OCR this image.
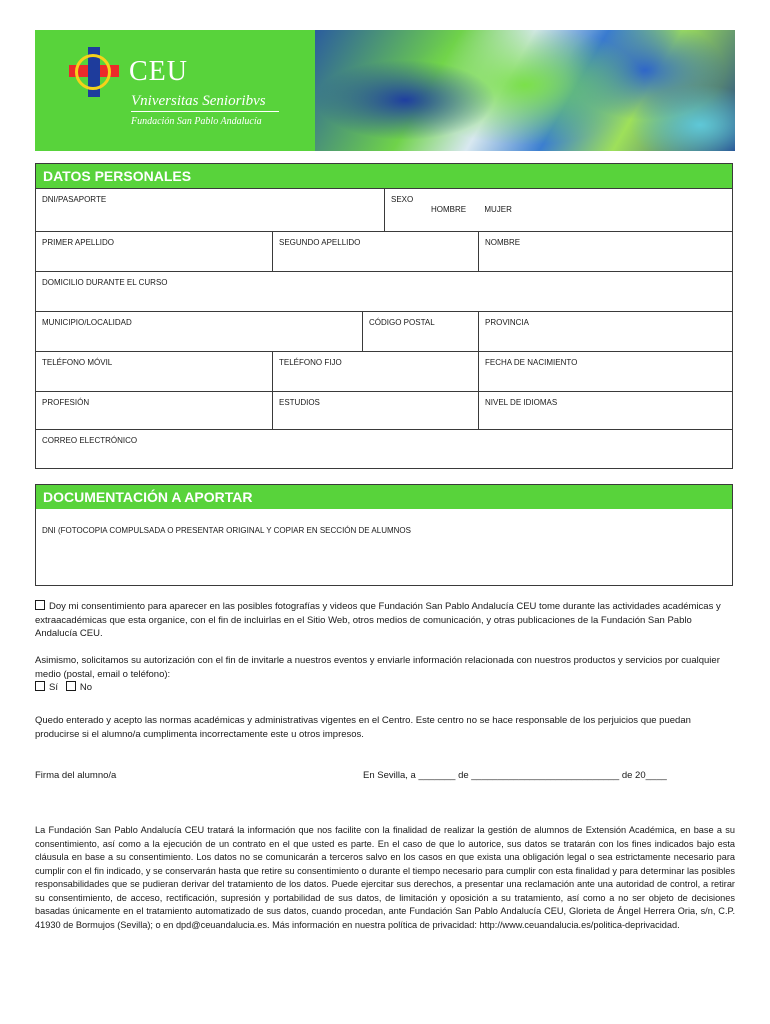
CEU
Vniversitas Senioribvs
Fundación San Pablo Andalucía
DATOS PERSONALES
DNI/PASAPORTE	SEXO
HOMBRE MUJER
PRIMER APELLIDO	SEGUNDO APELLIDO	NOMBRE
DOMICILIO DURANTE EL CURSO
MUNICIPIO/LOCALIDAD	CÓDIGO POSTAL	PROVINCIA
TELÉFONO MÓVIL	TELÉFONO FIJO	FECHA DE NACIMIENTO
PROFESIÓN	ESTUDIOS	NIVEL DE IDIOMAS
CORREO ELECTRÓNICO
DOCUMENTACIÓN A APORTAR
DNI (FOTOCOPIA COMPULSADA O PRESENTAR ORIGINAL Y COPIAR EN SECCIÓN DE ALUMNOS
Doy mi consentimiento para aparecer en las posibles fotografías y videos que Fundación San Pablo Andalucía CEU tome durante las actividades académicas y extraacadémicas que esta organice, con el fin de incluirlas en el Sitio Web, otros medios de comunicación, y otras publicaciones de la Fundación San Pablo Andalucía CEU.
Asimismo, solicitamos su autorización con el fin de invitarle a nuestros eventos y enviarle información relacionada con nuestros productos y servicios por cualquier medio (postal, email o teléfono):
Sí No
Quedo enterado y acepto las normas académicas y administrativas vigentes en el Centro. Este centro no se hace responsable de los perjuicios que puedan producirse si el alumno/a cumplimenta incorrectamente este u otros impresos.
Firma del alumno/a	En Sevilla, a _______ de ____________________________ de 20____
La Fundación San Pablo Andalucía CEU tratará la información que nos facilite con la finalidad de realizar la gestión de alumnos de Extensión Académica, en base a su consentimiento, así como a la ejecución de un contrato en el que usted es parte. En el caso de que lo autorice, sus datos se tratarán con los fines indicados bajo esta cláusula en base a su consentimiento. Los datos no se comunicarán a terceros salvo en los casos en que exista una obligación legal o sea estrictamente necesario para cumplir con el fin indicado, y se conservarán hasta que retire su consentimiento o durante el tiempo necesario para cumplir con esta finalidad y para determinar las posibles responsabilidades que se pudieran derivar del tratamiento de los datos. Puede ejercitar sus derechos, a presentar una reclamación ante una autoridad de control, a retirar su consentimiento, de acceso, rectificación, supresión y portabilidad de sus datos, de limitación y oposición a su tratamiento, así como a no ser objeto de decisiones basadas únicamente en el tratamiento automatizado de sus datos, cuando procedan, ante Fundación San Pablo Andalucía CEU, Glorieta de Ángel Herrera Oria, s/n, C.P. 41930 de Bormujos (Sevilla); o en dpd@ceuandalucia.es. Más información en nuestra política de privacidad: http://www.ceuandalucia.es/politica-deprivacidad.
